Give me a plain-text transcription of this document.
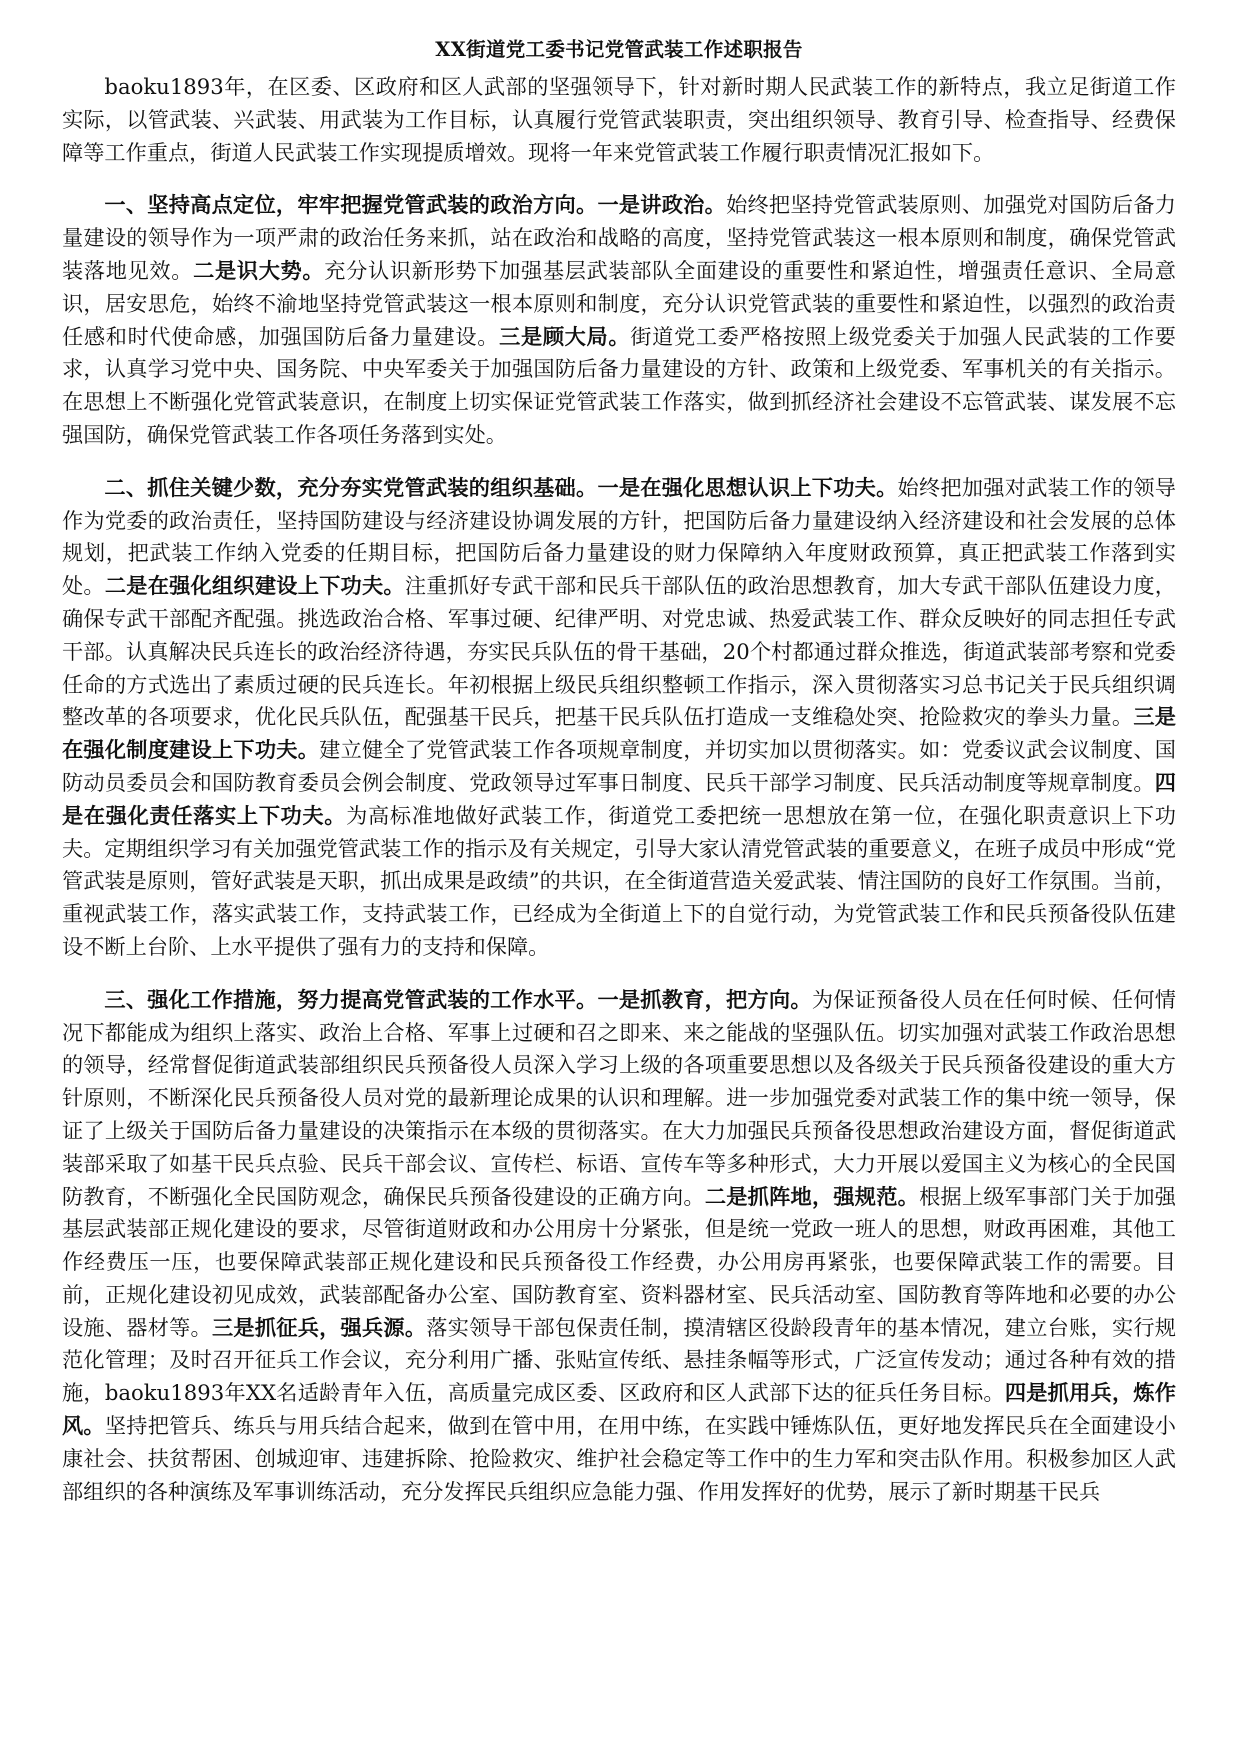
XX街道党工委书记党管武装工作述职报告

baoku1893年，在区委、区政府和区人武部的坚强领导下，针对新时期人民武装工作的新特点，我立足街道工作实际，以管武装、兴武装、用武装为工作目标，认真履行党管武装职责，突出组织领导、教育引导、检查指导、经费保障等工作重点，街道人民武装工作实现提质增效。现将一年来党管武装工作履行职责情况汇报如下。

一、坚持高点定位，牢牢把握党管武装的政治方向。一是讲政治。始终把坚持党管武装原则、加强党对国防后备力量建设的领导作为一项严肃的政治任务来抓，站在政治和战略的高度，坚持党管武装这一根本原则和制度，确保党管武装落地见效。二是识大势。充分认识新形势下加强基层武装部队全面建设的重要性和紧迫性，增强责任意识、全局意识，居安思危，始终不渝地坚持党管武装这一根本原则和制度，充分认识党管武装的重要性和紧迫性，以强烈的政治责任感和时代使命感，加强国防后备力量建设。三是顾大局。街道党工委严格按照上级党委关于加强人民武装的工作要求，认真学习党中央、国务院、中央军委关于加强国防后备力量建设的方针、政策和上级党委、军事机关的有关指示。在思想上不断强化党管武装意识，在制度上切实保证党管武装工作落实，做到抓经济社会建设不忘管武装、谋发展不忘强国防，确保党管武装工作各项任务落到实处。

二、抓住关键少数，充分夯实党管武装的组织基础。一是在强化思想认识上下功夫。始终把加强对武装工作的领导作为党委的政治责任，坚持国防建设与经济建设协调发展的方针，把国防后备力量建设纳入经济建设和社会发展的总体规划，把武装工作纳入党委的任期目标，把国防后备力量建设的财力保障纳入年度财政预算，真正把武装工作落到实处。二是在强化组织建设上下功夫。注重抓好专武干部和民兵干部队伍的政治思想教育，加大专武干部队伍建设力度，确保专武干部配齐配强。挑选政治合格、军事过硬、纪律严明、对党忠诚、热爱武装工作、群众反映好的同志担任专武干部。认真解决民兵连长的政治经济待遇，夯实民兵队伍的骨干基础，20个村都通过群众推选，街道武装部考察和党委任命的方式选出了素质过硬的民兵连长。年初根据上级民兵组织整顿工作指示，深入贯彻落实习总书记关于民兵组织调整改革的各项要求，优化民兵队伍，配强基干民兵，把基干民兵队伍打造成一支维稳处突、抢险救灾的拳头力量。三是在强化制度建设上下功夫。建立健全了党管武装工作各项规章制度，并切实加以贯彻落实。如：党委议武会议制度、国防动员委员会和国防教育委员会例会制度、党政领导过军事日制度、民兵干部学习制度、民兵活动制度等规章制度。四是在强化责任落实上下功夫。为高标准地做好武装工作，街道党工委把统一思想放在第一位，在强化职责意识上下功夫。定期组织学习有关加强党管武装工作的指示及有关规定，引导大家认清党管武装的重要意义，在班子成员中形成“党管武装是原则，管好武装是天职，抓出成果是政绩”的共识，在全街道营造关爱武装、情注国防的良好工作氛围。当前，重视武装工作，落实武装工作，支持武装工作，已经成为全街道上下的自觉行动，为党管武装工作和民兵预备役队伍建设不断上台阶、上水平提供了强有力的支持和保障。

三、强化工作措施，努力提高党管武装的工作水平。一是抓教育，把方向。为保证预备役人员在任何时候、任何情况下都能成为组织上落实、政治上合格、军事上过硬和召之即来、来之能战的坚强队伍。切实加强对武装工作政治思想的领导，经常督促街道武装部组织民兵预备役人员深入学习上级的各项重要思想以及各级关于民兵预备役建设的重大方针原则，不断深化民兵预备役人员对党的最新理论成果的认识和理解。进一步加强党委对武装工作的集中统一领导，保证了上级关于国防后备力量建设的决策指示在本级的贯彻落实。在大力加强民兵预备役思想政治建设方面，督促街道武装部采取了如基干民兵点验、民兵干部会议、宣传栏、标语、宣传车等多种形式，大力开展以爱国主义为核心的全民国防教育，不断强化全民国防观念，确保民兵预备役建设的正确方向。二是抓阵地，强规范。根据上级军事部门关于加强基层武装部正规化建设的要求，尽管街道财政和办公用房十分紧张，但是统一党政一班人的思想，财政再困难，其他工作经费压一压，也要保障武装部正规化建设和民兵预备役工作经费，办公用房再紧张，也要保障武装工作的需要。目前，正规化建设初见成效，武装部配备办公室、国防教育室、资料器材室、民兵活动室、国防教育等阵地和必要的办公设施、器材等。三是抓征兵，强兵源。落实领导干部包保责任制，摸清辖区役龄段青年的基本情况，建立台账，实行规范化管理；及时召开征兵工作会议，充分利用广播、张贴宣传纸、悬挂条幅等形式，广泛宣传发动；通过各种有效的措施，baoku1893年XX名适龄青年入伍，高质量完成区委、区政府和区人武部下达的征兵任务目标。四是抓用兵，炼作风。坚持把管兵、练兵与用兵结合起来，做到在管中用，在用中练，在实践中锤炼队伍，更好地发挥民兵在全面建设小康社会、扶贫帮困、创城迎审、违建拆除、抢险救灾、维护社会稳定等工作中的生力军和突击队作用。积极参加区人武部组织的各种演练及军事训练活动，充分发挥民兵组织应急能力强、作用发挥好的优势，展示了新时期基干民兵
